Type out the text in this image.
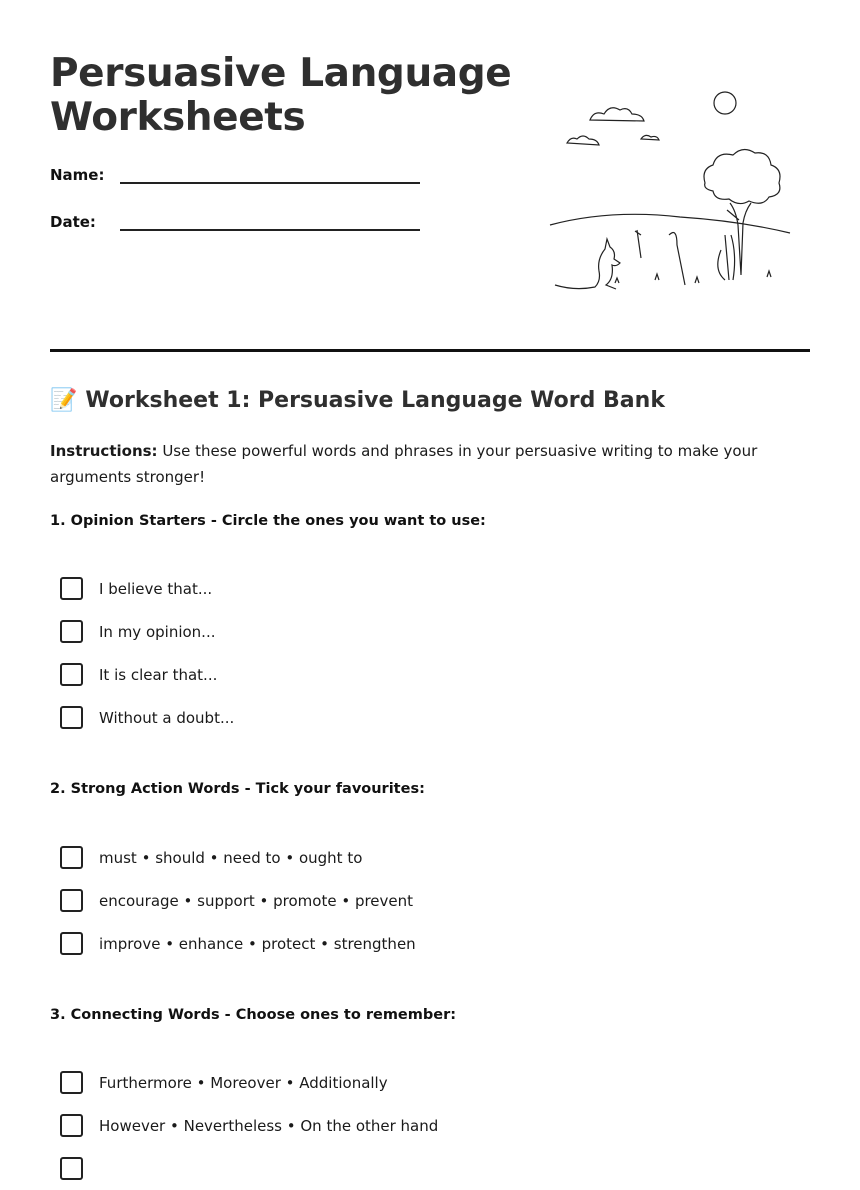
Persuasive Language
Worksheets
Name:
Date:
📝 Worksheet 1: Persuasive Language Word Bank

Instructions: Use these powerful words and phrases in your persuasive writing to make your arguments stronger!

1. Opinion Starters - Circle the ones you want to use:
I believe that...
In my opinion...
It is clear that...
Without a doubt...
2. Strong Action Words - Tick your favourites:
must • should • need to • ought to
encourage • support • promote • prevent
improve • enhance • protect • strengthen
3. Connecting Words - Choose ones to remember:
Furthermore • Moreover • Additionally
However • Nevertheless • On the other hand
